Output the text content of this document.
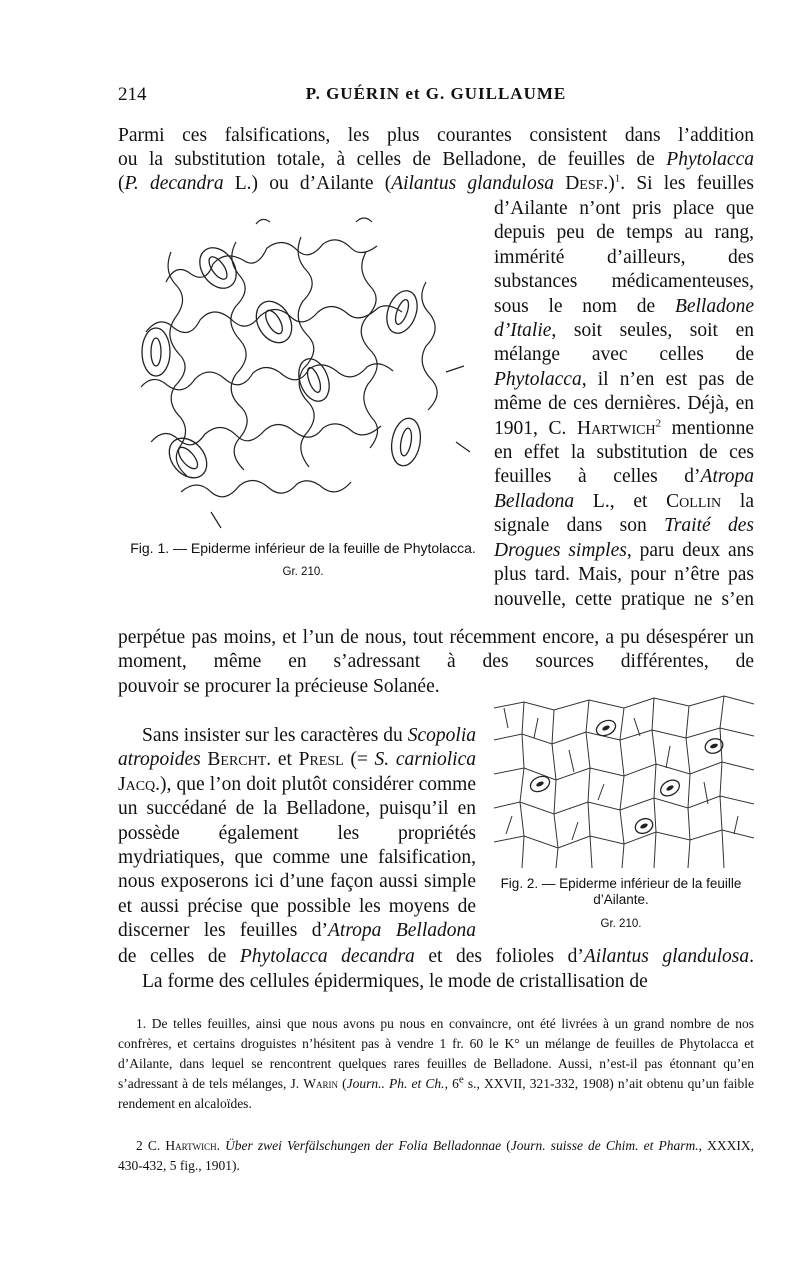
214	P. GUÉRIN et G. GUILLAUME
Parmi ces falsifications, les plus courantes consistent dans l’addition
ou la substitution totale, à celles de Belladone, de feuilles de Phytolacca
(P. decandra L.) ou d’Ailante (Ailantus glandulosa Desf.)$^1$. Si les feuilles
Fig. 1. — Epiderme inférieur de la feuille de Phytolacca.
Gr. 210.
d’Ailante n’ont pris place que depuis peu de temps au rang, immérité d’ailleurs, des substances médicamenteuses, sous le nom de Belladone d’Italie, soit seules, soit en mélange avec celles de Phytolacca, il n’en est pas de même de ces dernières. Déjà, en 1901, C. Hartwich$^2$ mentionne en effet la substitution de ces feuilles à celles d’Atropa Belladona L., et Collin la signale dans son Traité des Drogues simples, paru deux ans plus tard. Mais, pour n’être pas nouvelle, cette pratique ne s’en
perpétue pas moins, et l’un de nous, tout récemment encore, a pu désespérer un moment, même en s’adressant à des sources différentes, de
pouvoir se procurer la précieuse Solanée.
Sans insister sur les caractères du Scopolia atropoides Bercht. et Presl (= S. carniolica Jacq.), que l’on doit plutôt considérer comme un succédané de la Belladone, puisqu’il en possède également les propriétés mydriatiques, que comme une falsification, nous exposerons ici d’une façon aussi simple et aussi précise que possible les moyens de discerner les feuilles d’Atropa Belladona
Fig. 2. — Epiderme inférieur de la feuille d’Ailante.
Gr. 210.
de celles de Phytolacca decandra et des folioles d’Ailantus glandulosa.
La forme des cellules épidermiques, le mode de cristallisation de
1. De telles feuilles, ainsi que nous avons pu nous en convaincre, ont été livrées à un grand nombre de nos confrères, et certains droguistes n’hésitent pas à vendre 1 fr. 60 le K° un mélange de feuilles de Phytolacca et d’Ailante, dans lequel se rencontrent quelques rares feuilles de Belladone. Aussi, n’est-il pas étonnant qu’en s’adressant à de tels mélanges, J. Warin (Journ.. Ph. et Ch., 6e s., XXVII, 321-332, 1908) n’ait obtenu qu’un faible rendement en alcaloïdes.
2 C. Hartwich. Über zwei Verfälschungen der Folia Belladonnae (Journ. suisse de Chim. et Pharm., XXXIX, 430-432, 5 fig., 1901).
